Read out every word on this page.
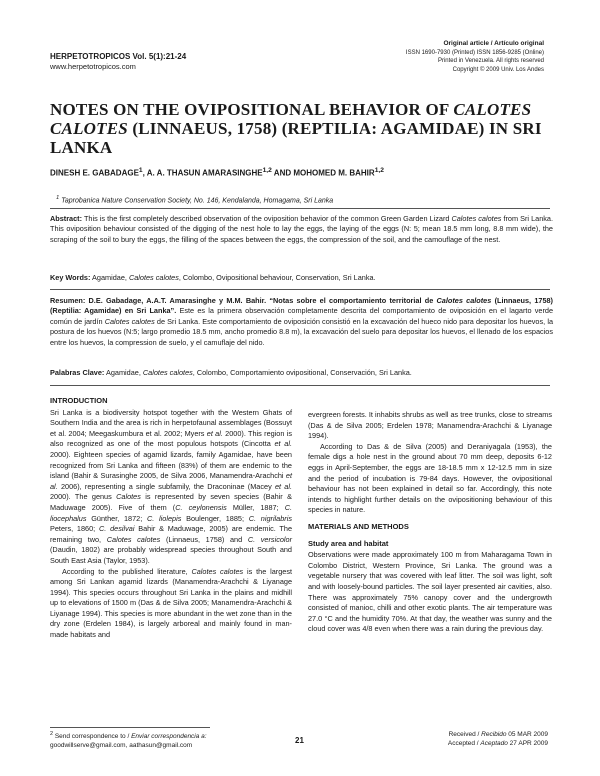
HERPETOTROPICOS Vol. 5(1):21-24
www.herpetotropicos.com
Original article / Artículo original
ISSN 1690-7930 (Printed) ISSN 1856-9285 (Online)
Printed in Venezuela. All rights reserved
Copyright © 2009 Univ. Los Andes
NOTES ON THE OVIPOSITIONAL BEHAVIOR OF CALOTES
CALOTES (LINNAEUS, 1758) (REPTILIA: AGAMIDAE) IN SRI
LANKA
DINESH E. GABADAGE$^1$, A. A. THASUN AMARASINGHE$^{1,2}$ AND MOHOMED M. BAHIR$^{1,2}$
$^1$ Taprobanica Nature Conservation Society, No. 146, Kendalanda, Homagama, Sri Lanka
Abstract: This is the first completely described observation of the oviposition behavior of the common Green Garden Lizard Calotes calotes from Sri Lanka. This oviposition behaviour consisted of the digging of the nest hole to lay the eggs, the laying of the eggs (N: 5; mean 18.5 mm long, 8.8 mm wide), the scraping of the soil to bury the eggs, the filling of the spaces between the eggs, the compression of the soil, and the camouflage of the nest.
Key Words: Agamidae, Calotes calotes, Colombo, Ovipositional behaviour, Conservation, Sri Lanka.
Resumen: D.E. Gabadage, A.A.T. Amarasinghe y M.M. Bahir. “Notas sobre el comportamiento territorial de Calotes calotes (Linnaeus, 1758)(Reptilia: Agamidae) en Sri Lanka”. Este es la primera observación completamente descrita del comportamiento de oviposición en el lagarto verde común de jardín Calotes calotes de Sri Lanka. Este comportamiento de oviposición consistió en la excavación del hueco nido para depositar los huevos, la postura de los huevos (N:5; largo promedio 18.5 mm, ancho promedio 8.8 m), la excavación del suelo para depositar los huevos, el llenado de los espacios entre los huevos, la compression de suelo, y el camuflaje del nido.
Palabras Clave: Agamidae, Calotes calotes, Colombo, Comportamiento ovipositional, Conservación, Sri Lanka.
INTRODUCTION

Sri Lanka is a biodiversity hotspot together with the Western Ghats of Southern India and the area is rich in herpetofaunal assemblages (Bossuyt et al. 2004; Meegaskumbura et al. 2002; Myers et al. 2000). This region is also recognized as one of the most populous hotspots (Cincotta et al. 2000). Eighteen species of agamid lizards, family Agamidae, have been recognized from Sri Lanka and fifteen (83%) of them are endemic to the island (Bahir & Surasinghe 2005, de Silva 2006, Manamendra-Arachchi et al. 2006), representing a single subfamily, the Draconinae (Macey et al. 2000). The genus Calotes is represented by seven species (Bahir & Maduwage 2005). Five of them (C. ceylonensis Müller, 1887; C. liocephalus Günther, 1872; C. liolepis Boulenger, 1885; C. nigrilabris Peters, 1860; C. desilvai Bahir & Maduwage, 2005) are endemic. The remaining two, Calotes calotes (Linnaeus, 1758) and C. versicolor (Daudin, 1802) are probably widespread species throughout South and South East Asia (Taylor, 1953).

According to the published literature, Calotes calotes is the largest among Sri Lankan agamid lizards (Manamendra-Arachchi & Liyanage 1994). This species occurs throughout Sri Lanka in the plains and midhill up to elevations of 1500 m (Das & de Silva 2005; Manamendra-Arachchi & Liyanage 1994). This species is more abundant in the wet zone than in the dry zone (Erdelen 1984), is largely arboreal and mainly found in man-made habitats and

evergreen forests. It inhabits shrubs as well as tree trunks, close to streams (Das & de Silva 2005; Erdelen 1978; Manamendra-Arachchi & Liyanage 1994).

According to Das & de Silva (2005) and Deraniyagala (1953), the female digs a hole nest in the ground about 70 mm deep, deposits 6-12 eggs in April-September, the eggs are 18-18.5 mm x 12-12.5 mm in size and the period of incubation is 79-84 days. However, the ovipositional behaviour has not been explained in detail so far. Accordingly, this note intends to highlight further details on the ovipositioning behaviour of this species in nature.

MATERIALS AND METHODS
Study area and habitat

Observations were made approximately 100 m from Maharagama Town in Colombo District, Western Province, Sri Lanka. The ground was a vegetable nursery that was covered with leaf litter. The soil was light, soft and with loosely-bound particles. The soil layer presented air cavities, also. There was approximately 75% canopy cover and the undergrowth consisted of manioc, chilli and other exotic plants. The air temperature was 27.0 °C and the humidity 70%. At that day, the weather was sunny and the cloud cover was 4/8 even when there was a rain during the previous day.

$^2$ Send correspondence to / Enviar correspondencia a:
goodwillserve@gmail.com, aathasun@gmail.com
21
Received / Recibido 05 MAR 2009
Accepted / Aceptado 27 APR 2009
